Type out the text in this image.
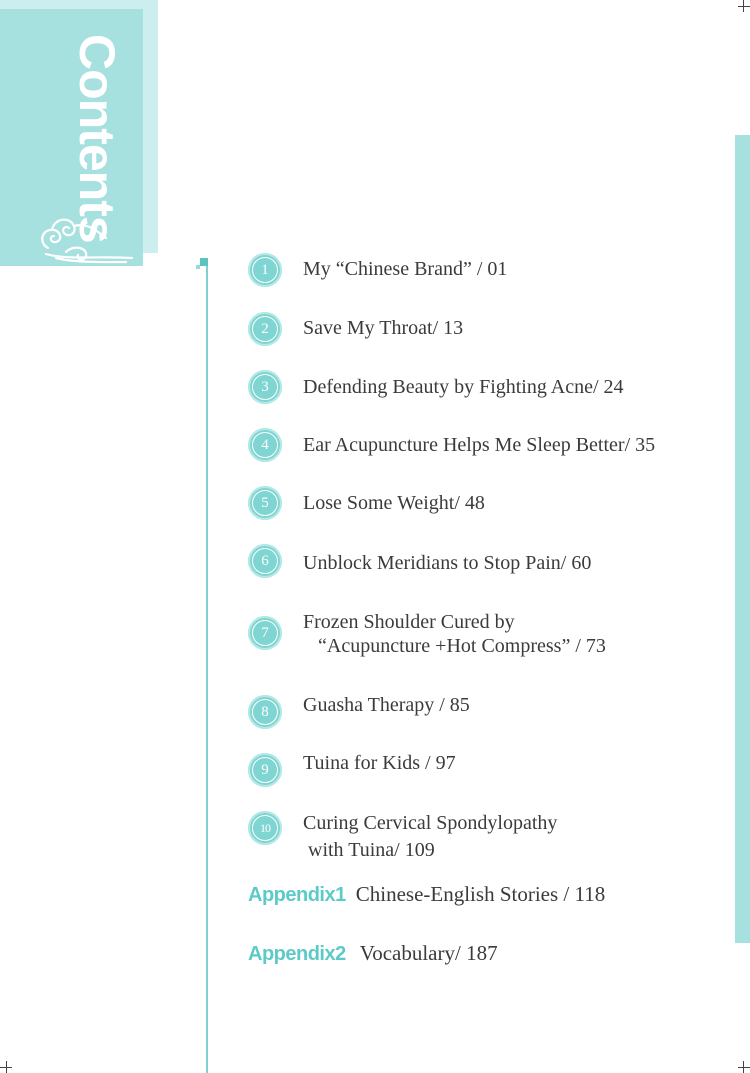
Contents
1	My “Chinese Brand” / 01
2	Save My Throat/ 13
3	Defending Beauty by Fighting Acne/ 24
4	Ear Acupuncture Helps Me Sleep Better/ 35
5	Lose Some Weight/ 48
6	Unblock Meridians to Stop Pain/ 60
7	Frozen Shoulder Cured by
“Acupuncture +Hot Compress” / 73
8	Guasha Therapy / 85
9	Tuina for Kids / 97
10	Curing Cervical Spondylopathy
with Tuina/ 109
Appendix1 Chinese-English Stories / 118
Appendix2 Vocabulary/ 187
